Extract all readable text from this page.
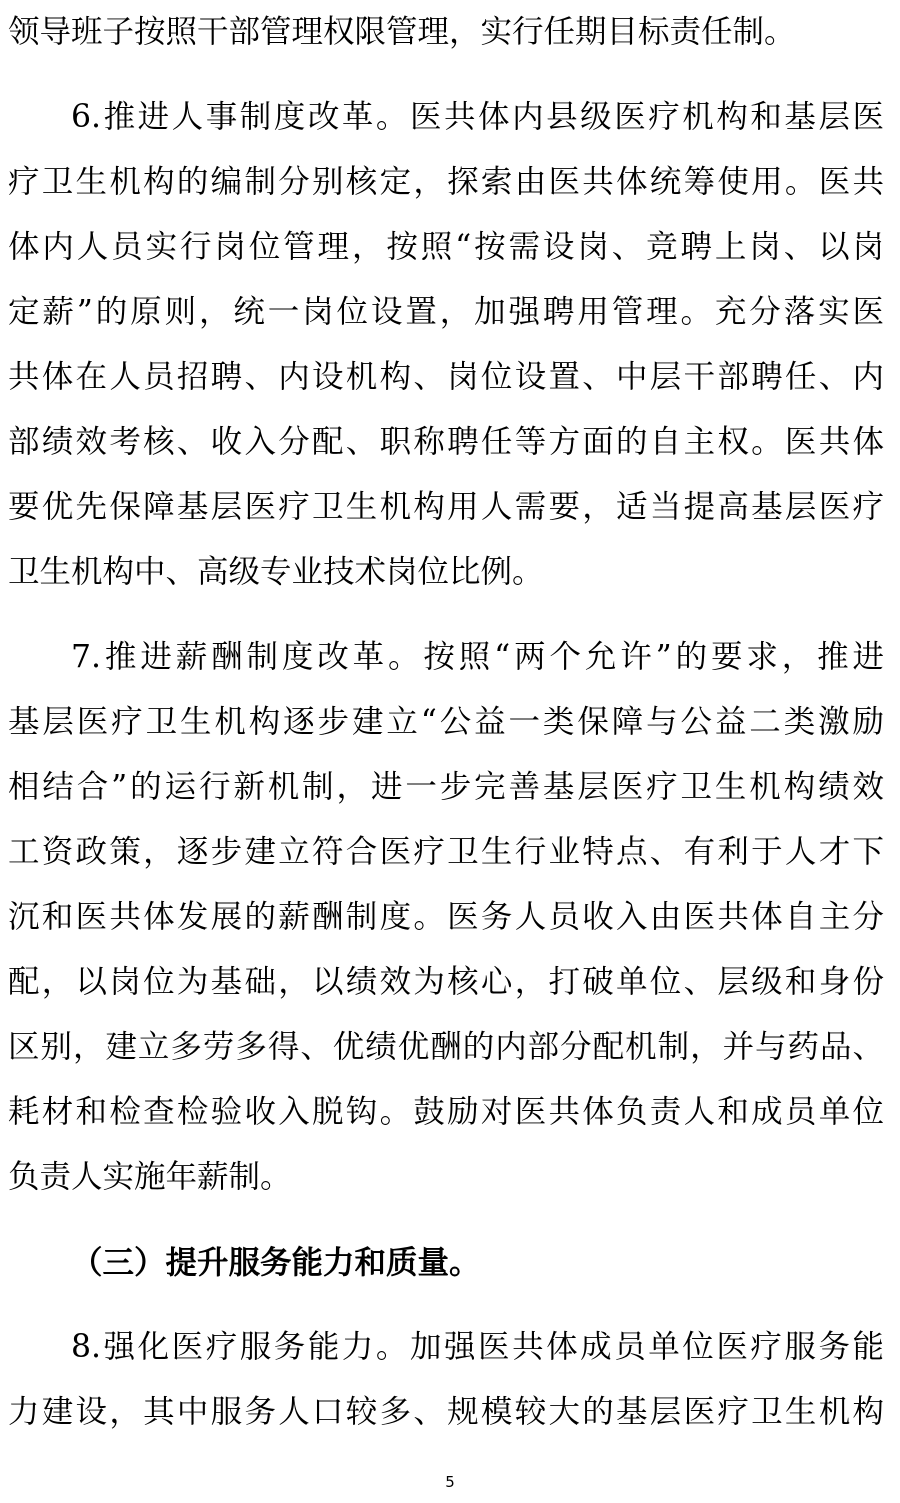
领导班子按照干部管理权限管理，实行任期目标责任制。
6.推进人事制度改革。医共体内县级医疗机构和基层医
疗卫生机构的编制分别核定，探索由医共体统筹使用。医共
体内人员实行岗位管理，按照“按需设岗、竞聘上岗、以岗
定薪”的原则，统一岗位设置，加强聘用管理。充分落实医
共体在人员招聘、内设机构、岗位设置、中层干部聘任、内
部绩效考核、收入分配、职称聘任等方面的自主权。医共体
要优先保障基层医疗卫生机构用人需要，适当提高基层医疗
卫生机构中、高级专业技术岗位比例。
7.推进薪酬制度改革。按照“两个允许”的要求，推进
基层医疗卫生机构逐步建立“公益一类保障与公益二类激励
相结合”的运行新机制，进一步完善基层医疗卫生机构绩效
工资政策，逐步建立符合医疗卫生行业特点、有利于人才下
沉和医共体发展的薪酬制度。医务人员收入由医共体自主分
配，以岗位为基础，以绩效为核心，打破单位、层级和身份
区别，建立多劳多得、优绩优酬的内部分配机制，并与药品、
耗材和检查检验收入脱钩。鼓励对医共体负责人和成员单位
负责人实施年薪制。
（三）提升服务能力和质量。
8.强化医疗服务能力。加强医共体成员单位医疗服务能
力建设，其中服务人口较多、规模较大的基层医疗卫生机构
5
